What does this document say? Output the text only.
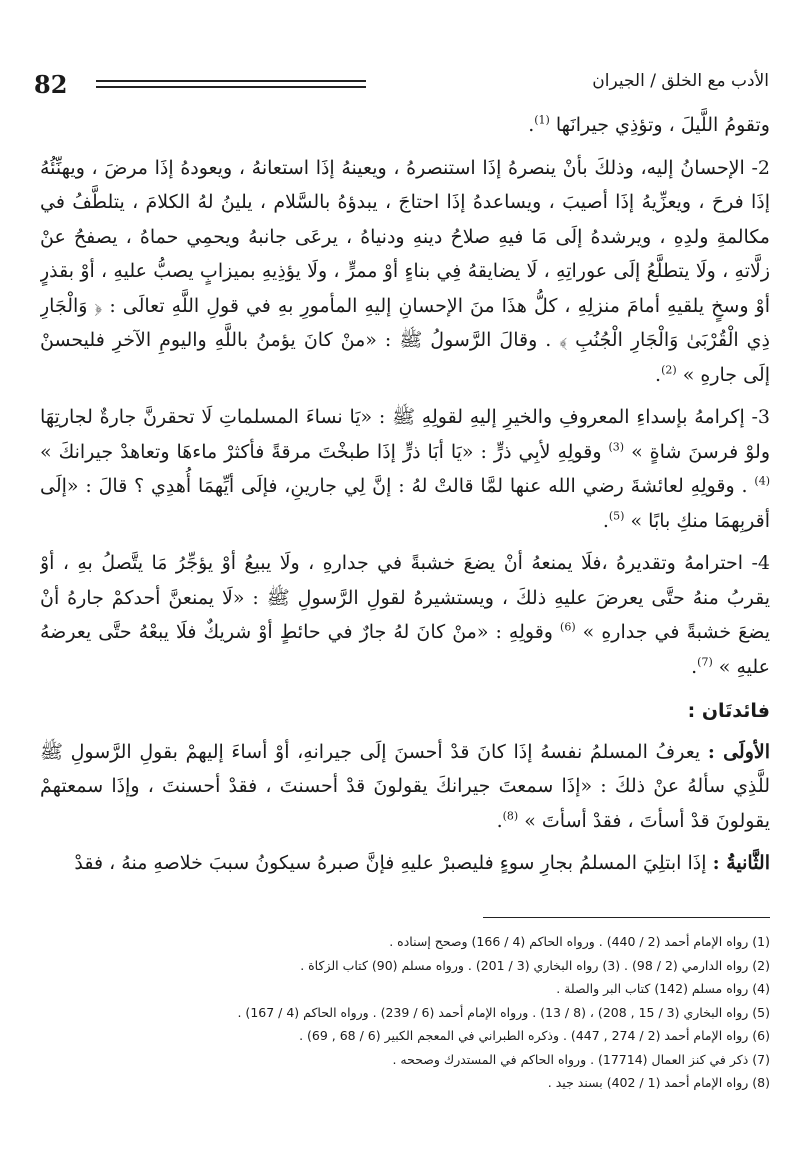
82	الأدب مع الخلق / الجيران

وتقومُ اللَّيلَ ، وتؤذِي جيرانَها $^{(1)}$.

2- الإحسانُ إليه، وذلكَ بأنْ ينصرهُ إذَا استنصرهُ ، ويعينهُ إذَا استعانهُ ، ويعودهُ إذَا مرضَ ، ويهنِّئُهُ إذَا فرحَ ، ويعزِّيهُ إذَا أصيبَ ، ويساعدهُ إذَا احتاجَ ، يبدؤهُ بالسَّلام ، يلينُ لهُ الكلامَ ، يتلطَّفُ في مكالمةِ ولدِهِ ، ويرشدهُ إلَى مَا فيهِ صلاحُ دينهِ ودنياهُ ، يرعَى جانبهُ ويحمِي حماهُ ، يصفحُ عنْ زلَّاتهِ ، ولَا يتطلَّعُ إلَى عوراتِهِ ، لَا يضايقهُ فِي بناءٍ أوْ ممرٍّ ، ولَا يؤذِيهِ بميزابٍ يصبُّ عليهِ ، أوْ بقذرٍ أوْ وسخٍ يلقيهِ أمامَ منزلِهِ ، كلُّ هذَا منَ الإحسانِ إليهِ المأمورِ بهِ في قولِ اللَّهِ تعالَى : ﴿ وَالْجَارِ ذِي الْقُرْبَىٰ وَالْجَارِ الْجُنُبِ ﴾ . وقالَ الرَّسولُ ﷺ : «منْ كانَ يؤمنُ باللَّهِ واليومِ الآخرِ فليحسنْ إلَى جارهِ » $^{(2)}$.

3- إكرامهُ بإسداءِ المعروفِ والخيرِ إليهِ لقولِهِ ﷺ : «يَا نساءَ المسلماتِ لَا تحقرنَّ جارةٌ لجارتِهَا ولوْ فرسنَ شاةٍ » $^{(3)}$ وقولِهِ لأبِي ذرٍّ : «يَا أبَا ذرٍّ إذَا طبخْتَ مرقةً فأكثرْ ماءهَا وتعاهدْ جيرانكَ » $^{(4)}$ . وقولِهِ لعائشةَ رضي الله عنها لمَّا قالتْ لهُ : إنَّ لِي جارينِ، فإلَى أيِّهمَا أُهدِي ؟ قالَ : «إلَى أقربِهمَا منكِ بابًا » $^{(5)}$.

4- احترامهُ وتقديرهُ ،فلَا يمنعهُ أنْ يضعَ خشبةً في جدارهِ ، ولَا يبيعُ أوْ يؤجِّرُ مَا يتَّصلُ بهِ ، أوْ يقربُ منهُ حتَّى يعرضَ عليهِ ذلكَ ، ويستشيرهُ لقولِ الرَّسولِ ﷺ : «لَا يمنعنَّ أحدكمْ جارهُ أنْ يضعَ خشبةً في جدارهِ » $^{(6)}$ وقولِهِ : «منْ كانَ لهُ جارٌ في حائطٍ أوْ شريكٌ فلَا يبعْهُ حتَّى يعرضهُ عليهِ » $^{(7)}$.

فائدتَان :

الأولَى : يعرفُ المسلمُ نفسهُ إذَا كانَ قدْ أحسنَ إلَى جيرانهِ، أوْ أساءَ إليهمْ بقولِ الرَّسولِ ﷺ للَّذِي سألهُ عنْ ذلكَ : «إذَا سمعتَ جيرانكَ يقولونَ قدْ أحسنتَ ، فقدْ أحسنتَ ، وإذَا سمعتهمْ يقولونَ قدْ أسأتَ ، فقدْ أسأتَ » $^{(8)}$.

الثَّانيةُ : إذَا ابتلِيَ المسلمُ بجارِ سوءٍ فليصبرْ عليهِ فإنَّ صبرهُ سيكونُ سببَ خلاصهِ منهُ ، فقدْ

(1) رواه الإمام أحمد (2 / 440) . ورواه الحاكم (4 / 166) وصحح إسناده .
(2) رواه الدارمي (2 / 98) . (3) رواه البخاري (3 / 201) . ورواه مسلم (90) كتاب الزكاة .
(4) رواه مسلم (142) كتاب البر والصلة .
(5) رواه البخاري (3 / 15 , 208) ، (8 / 13) . ورواه الإمام أحمد (6 / 239) . ورواه الحاكم (4 / 167) .
(6) رواه الإمام أحمد (2 / 274 , 447) . وذكره الطبراني في المعجم الكبير (6 / 68 , 69) .
(7) ذكر في كنز العمال (17714) . ورواه الحاكم في المستدرك وصححه .
(8) رواه الإمام أحمد (1 / 402) بسند جيد .
